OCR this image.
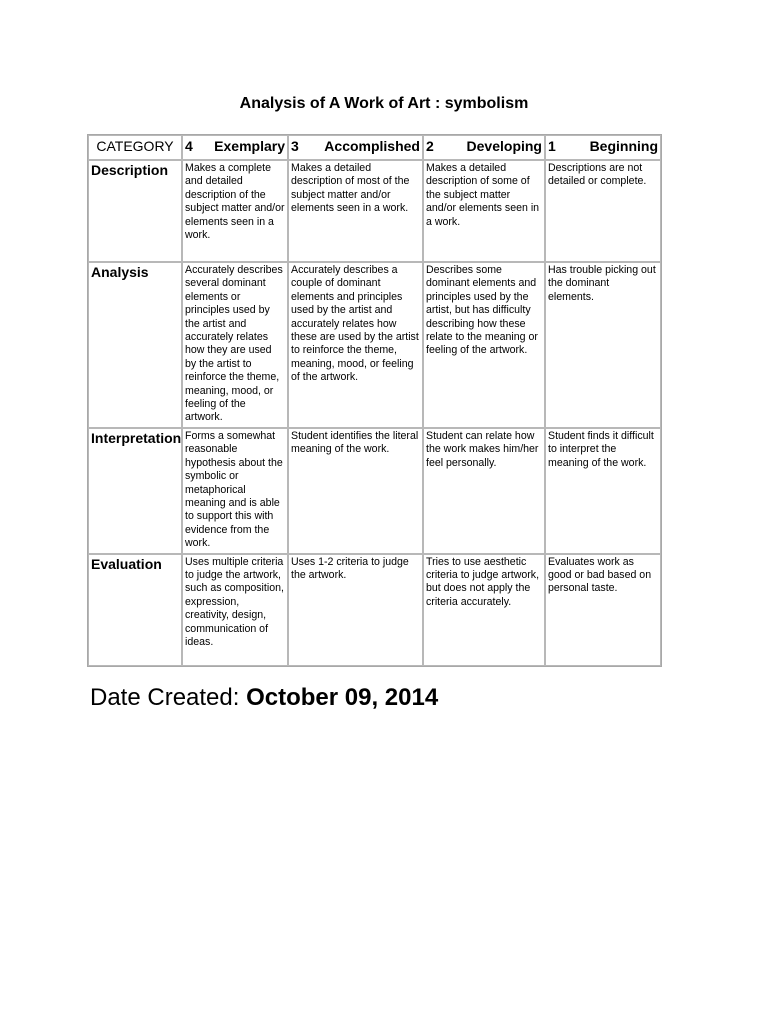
Analysis of A Work of Art : symbolism
CATEGORY	4 Exemplary	3 Accomplished	2 Developing	1 Beginning

Description	Makes a complete and detailed description of the subject matter and/or elements seen in a work.	Makes a detailed description of most of the subject matter and/or elements seen in a work.	Makes a detailed description of some of the subject matter and/or elements seen in a work.	Descriptions are not detailed or complete.
Analysis	Accurately describes several dominant elements or principles used by the artist and accurately relates how they are used by the artist to reinforce the theme, meaning, mood, or feeling of the artwork.	Accurately describes a couple of dominant elements and principles used by the artist and accurately relates how these are used by the artist to reinforce the theme, meaning, mood, or feeling of the artwork.	Describes some dominant elements and principles used by the artist, but has difficulty describing how these relate to the meaning or feeling of the artwork.	Has trouble picking out the dominant elements.
Interpretation	Forms a somewhat reasonable hypothesis about the symbolic or metaphorical meaning and is able to support this with evidence from the work.	Student identifies the literal meaning of the work.	Student can relate how the work makes him/her feel personally.	Student finds it difficult to interpret the meaning of the work.
Evaluation	Uses multiple criteria to judge the artwork, such as composition, expression, creativity, design, communication of ideas.	Uses 1-2 criteria to judge the artwork.	Tries to use aesthetic criteria to judge artwork, but does not apply the criteria accurately.	Evaluates work as good or bad based on personal taste.
Date Created: October 09, 2014
